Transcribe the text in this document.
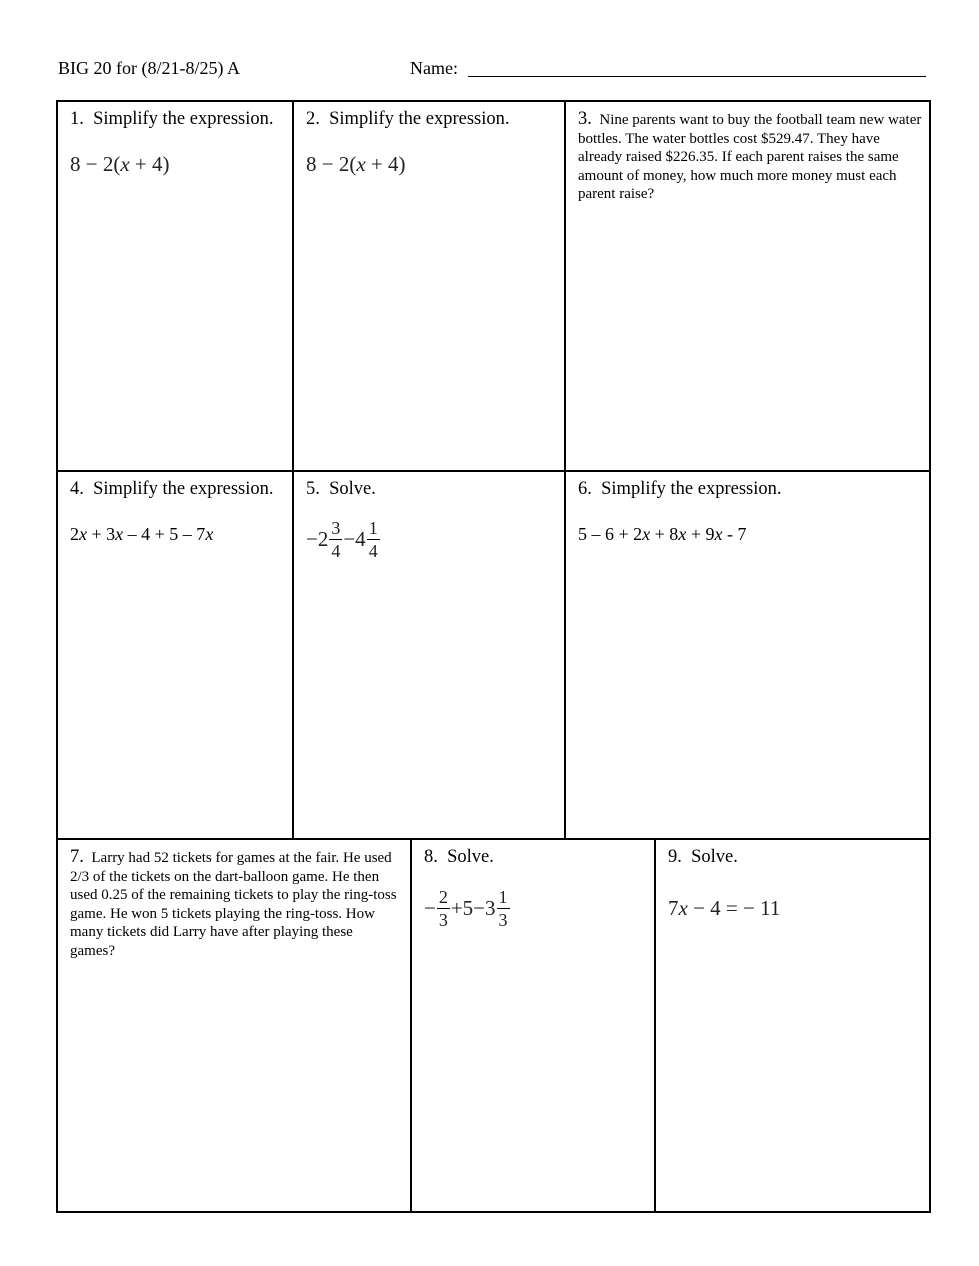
BIG 20 for (8/21-8/25) A	Name:
1. Simplify the expression.
8 − 2(x + 4)
2. Simplify the expression.
8 − 2(x + 4)
3. Nine parents want to buy the football team new water bottles. The water bottles cost $529.47. They have already raised $226.35. If each parent raises the same amount of money, how much more money must each parent raise?
4. Simplify the expression.
2x + 3x – 4 + 5 – 7x
5. Solve.
$-2 \frac{3}{4} -4 \frac{1}{4}$
6. Simplify the expression.
5 – 6 + 2x + 8x + 9x - 7
7. Larry had 52 tickets for games at the fair. He used 2/3 of the tickets on the dart-balloon game. He then used 0.25 of the remaining tickets to play the ring-toss game. He won 5 tickets playing the ring-toss. How many tickets did Larry have after playing these games?
8. Solve.
− $\frac{2}{3} +5-3 \frac{1}{3}$
9. Solve.
7x − 4 = − 11
